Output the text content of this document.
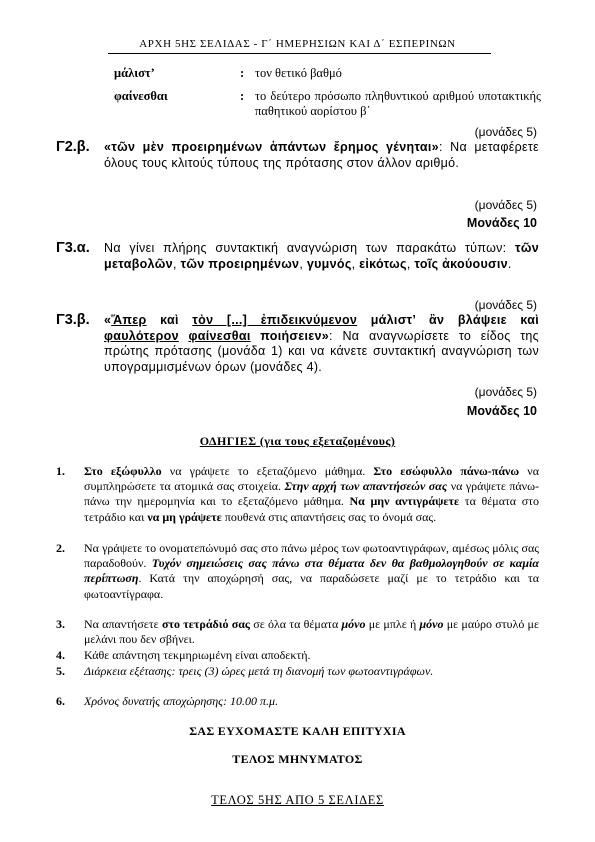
ΑΡΧΗ 5ΗΣ ΣΕΛΙΔΑΣ - Γ΄ ΗΜΕΡΗΣΙΩΝ ΚΑΙ Δ΄ ΕΣΠΕΡΙΝΩΝ
μάλιστ’	: τον θετικό βαθμό
φαίνεσθαι	: το δεύτερο πρόσωπο πληθυντικού αριθμού υποτακτικής παθητικού αορίστου β΄
(μονάδες 5)
Γ2.β. «τῶν μὲν προειρημένων ἁπάντων ἔρημος γένηται»: Να μεταφέρετε όλους τους κλιτούς τύπους της πρότασης στον άλλον αριθμό.
(μονάδες 5)
Μονάδες 10
Γ3.α. Να γίνει πλήρης συντακτική αναγνώριση των παρακάτω τύπων: τῶν μεταβολῶν, τῶν προειρημένων, γυμνός, εἰκότως, τοῖς ἀκούουσιν.
(μονάδες 5)
Γ3.β. «Ἅπερ καὶ τὸν [...] ἐπιδεικνύμενον μάλιστ’ ἂν βλάψειε καὶ φαυλότερον φαίνεσθαι ποιήσειεν»: Να αναγνωρίσετε το είδος της πρώτης πρότασης (μονάδα 1) και να κάνετε συντακτική αναγνώριση των υπογραμμισμένων όρων (μονάδες 4).
(μονάδες 5)
Μονάδες 10
ΟΔΗΓΙΕΣ (για τους εξεταζομένους)
1. Στο εξώφυλλο να γράψετε το εξεταζόμενο μάθημα. Στο εσώφυλλο πάνω-πάνω να συμπληρώσετε τα ατομικά σας στοιχεία. Στην αρχή των απαντήσεών σας να γράψετε πάνω-πάνω την ημερομηνία και το εξεταζόμενο μάθημα. Να μην αντιγράψετε τα θέματα στο τετράδιο και να μη γράψετε πουθενά στις απαντήσεις σας το όνομά σας.
2. Να γράψετε το ονοματεπώνυμό σας στο πάνω μέρος των φωτοαντιγράφων, αμέσως μόλις σας παραδοθούν. Τυχόν σημειώσεις σας πάνω στα θέματα δεν θα βαθμολογηθούν σε καμία περίπτωση. Κατά την αποχώρησή σας, να παραδώσετε μαζί με το τετράδιο και τα φωτοαντίγραφα.
3. Να απαντήσετε στο τετράδιό σας σε όλα τα θέματα μόνο με μπλε ή μόνο με μαύρο στυλό με μελάνι που δεν σβήνει.
4. Κάθε απάντηση τεκμηριωμένη είναι αποδεκτή.
5. Διάρκεια εξέτασης: τρεις (3) ώρες μετά τη διανομή των φωτοαντιγράφων.
6. Χρόνος δυνατής αποχώρησης: 10.00 π.μ.
ΣΑΣ ΕΥΧΟΜΑΣΤΕ ΚΑΛΗ ΕΠΙΤΥΧΙΑ
ΤΕΛΟΣ ΜΗΝΥΜΑΤΟΣ
ΤΕΛΟΣ 5ΗΣ ΑΠΟ 5 ΣΕΛΙΔΕΣ
